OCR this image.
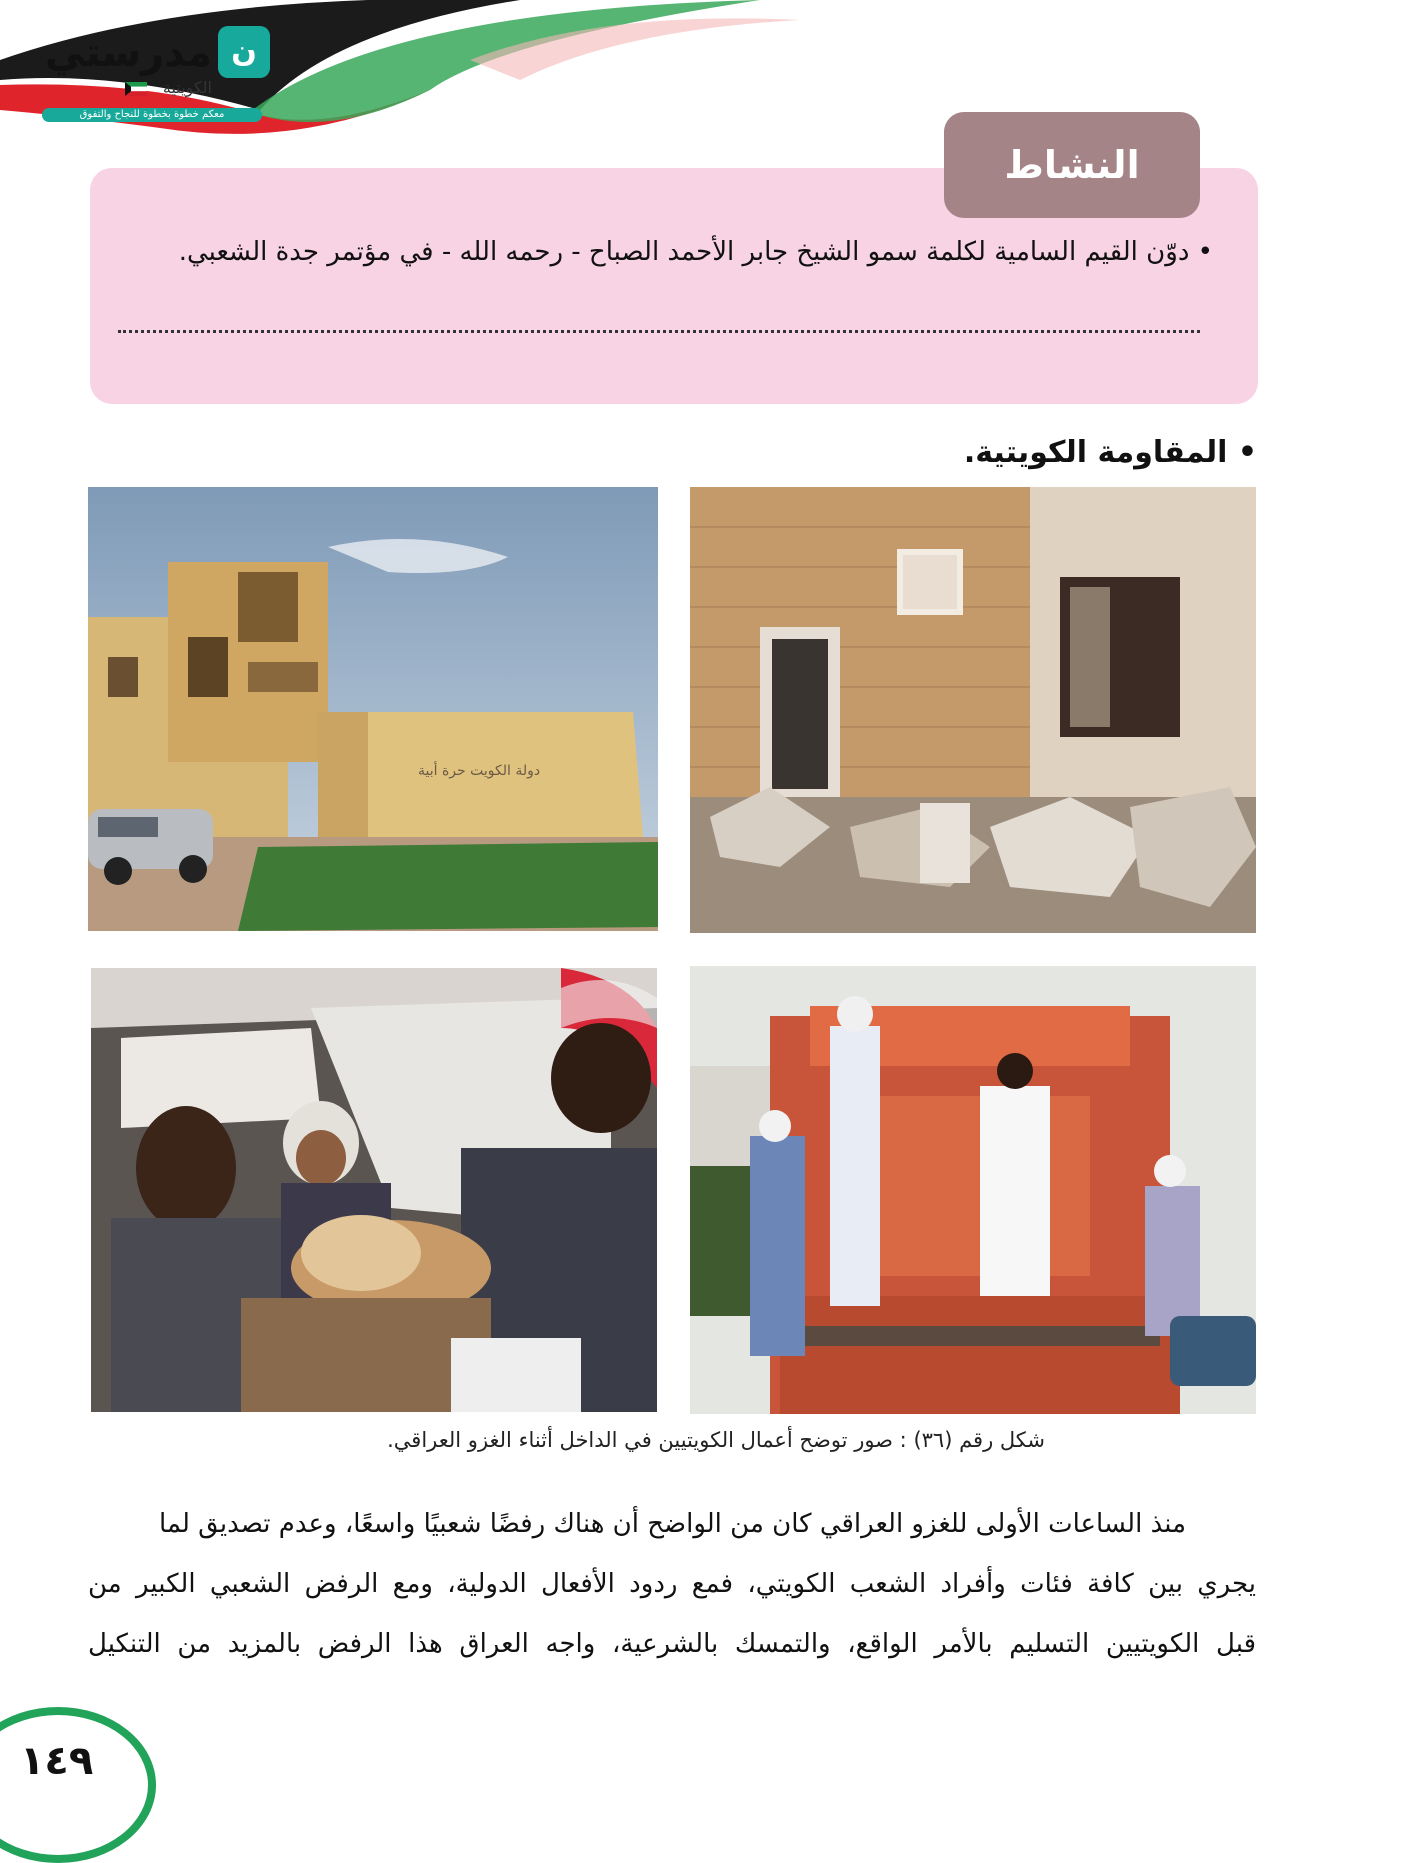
ن
مدرستي
الكويتية
معكم خطوة بخطوة للنجاح والتفوق
النشاط
• دوّن القيم السامية لكلمة سمو الشيخ جابر الأحمد الصباح - رحمه الله - في مؤتمر جدة الشعبي.
• المقاومة الكويتية.
دولة الكويت حرة أبية
شكل رقم (٣٦) : صور توضح أعمال الكويتيين في الداخل أثناء الغزو العراقي.
منذ الساعات الأولى للغزو العراقي كان من الواضح أن هناك رفضًا شعبيًا واسعًا، وعدم تصديق لما
يجري بين كافة فئات وأفراد الشعب الكويتي، فمع ردود الأفعال الدولية، ومع الرفض الشعبي الكبير من
قبل الكويتيين التسليم بالأمر الواقع، والتمسك بالشرعية، واجه العراق هذا الرفض بالمزيد من التنكيل
١٤٩
